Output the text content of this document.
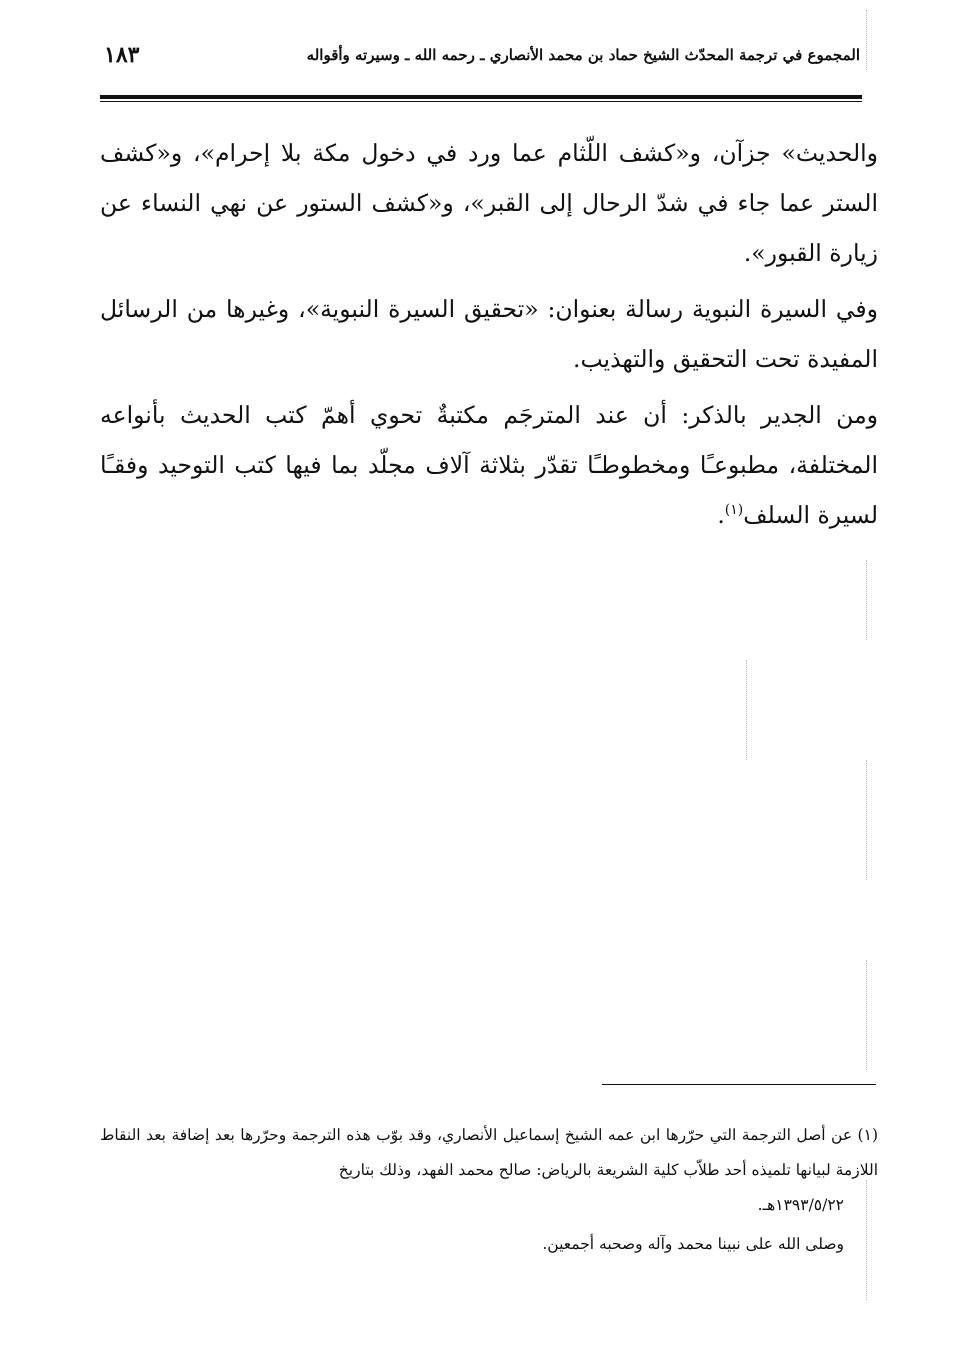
المجموع في ترجمة المحدّث الشيخ حماد بن محمد الأنصاري ـ رحمه الله ـ وسيرته وأقواله
١٨٣

والحديث» جزآن، و«كشف اللّثام عما ورد في دخول مكة بلا إحرام»، و«كشف الستر عما جاء في شدّ الرحال إلى القبر»، و«كشف الستور عن نهي النساء عن زيارة القبور».

وفي السيرة النبوية رسالة بعنوان: «تحقيق السيرة النبوية»، وغيرها من الرسائل المفيدة تحت التحقيق والتهذيب.

ومن الجدير بالذكر: أن عند المترجَم مكتبةٌ تحوي أهمّ كتب الحديث بأنواعه المختلفة، مطبوعـًا ومخطوطـًا تقدّر بثلاثة آلاف مجلّد بما فيها كتب التوحيد وفقـًا لسيرة السلف$^{(١)}$.

(١) عن أصل الترجمة التي حرّرها ابن عمه الشيخ إسماعيل الأنصاري، وقد بوّب هذه الترجمة وحرّرها بعد إضافة بعد النقاط اللازمة لبيانها تلميذه أحد طلاّب كلية الشريعة بالرياض: صالح محمد الفهد، وذلك بتاريخ

١٣٩٣/٥/٢٢هـ.

وصلى الله على نبينا محمد وآله وصحبه أجمعين.
